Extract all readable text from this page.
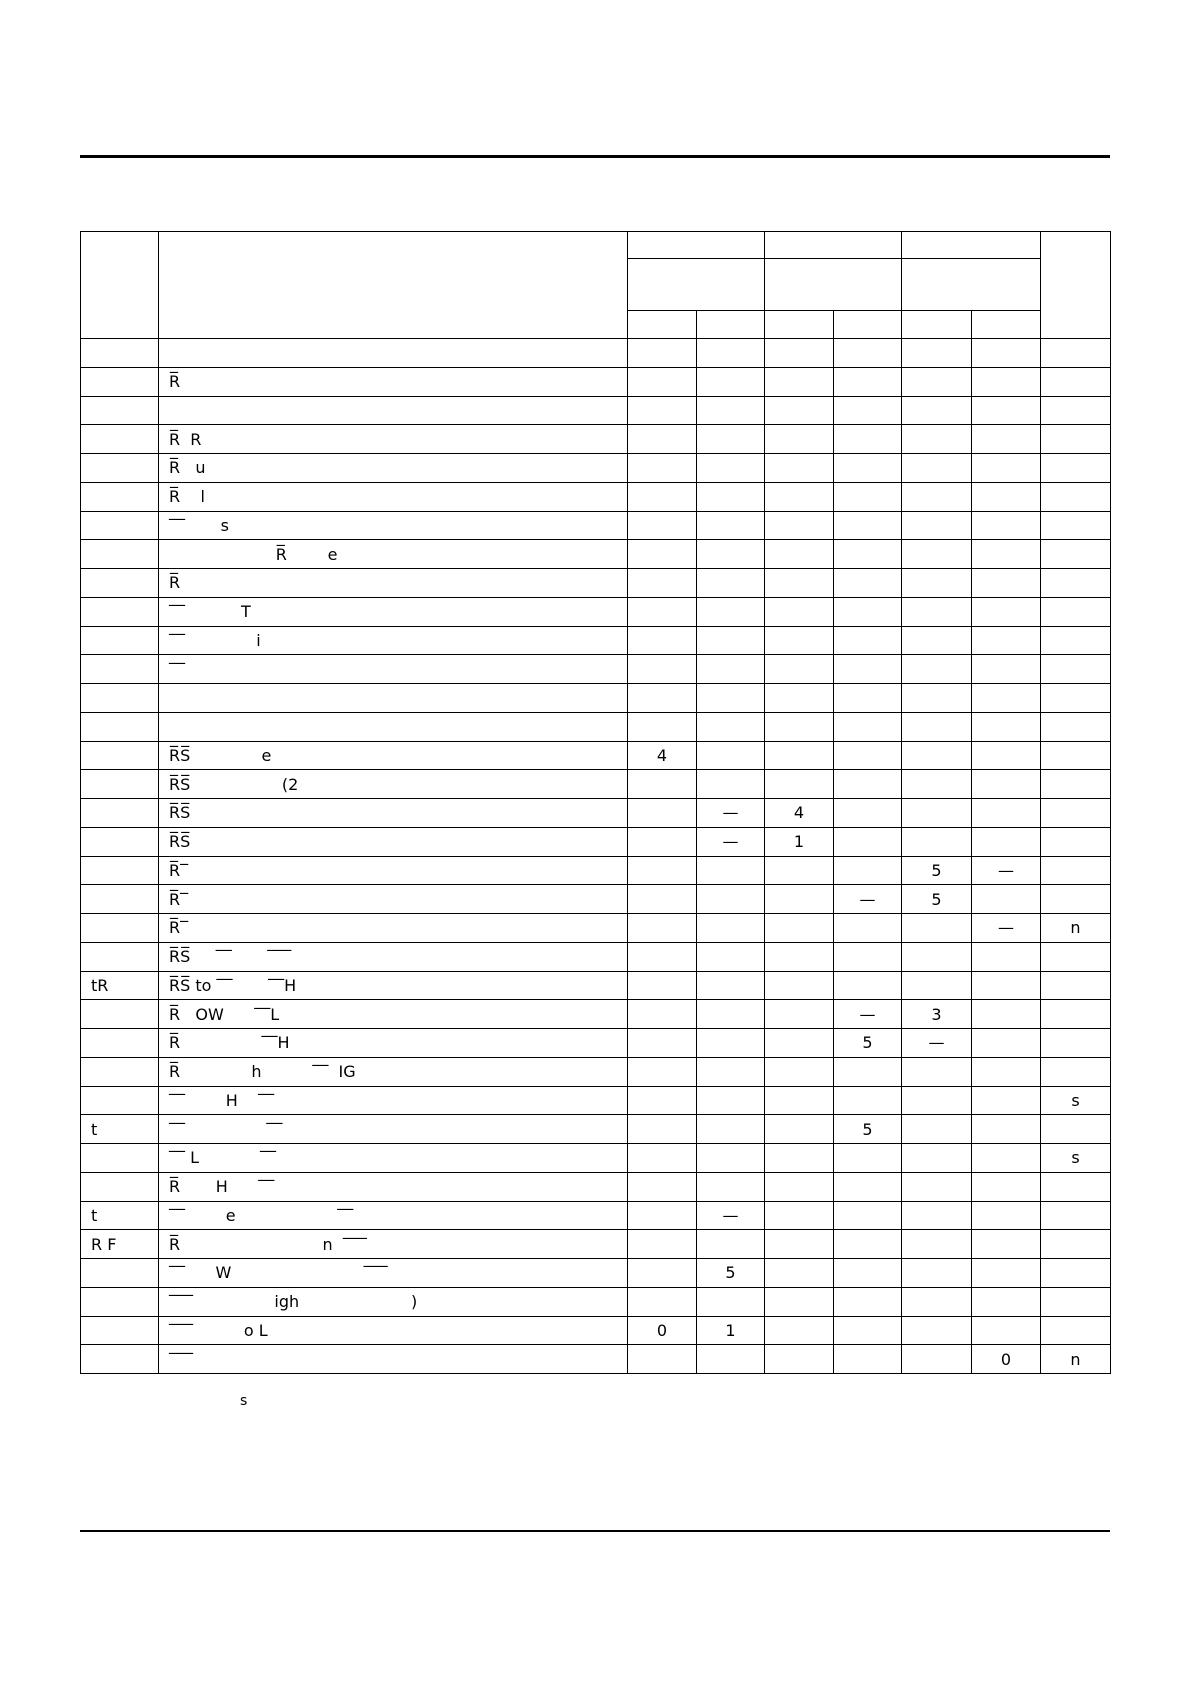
	R̅							

	R̅  R							
	R̅   u							
	R̅    l							
	‾‾       s							
	R̅        e							
	R̅							
	‾‾           T							
	‾‾              i							
	‾‾							

	R̅S̅              e	4						
	R̅S̅                  (2							
	R̅S̅		—	4				
	R̅S̅		—	1				
	R̅‾					5	—	
	R̅‾				—	5		
	R̅‾						—	n
	R̅S̅     ‾‾       ‾‾‾							
tR	R̅S̅ to ‾‾       ‾‾H							
	R̅   OW      ‾‾L				—	3		
	R̅                ‾‾H				5	—		
	R̅              h          ‾‾  IG							
	‾‾        H    ‾‾							s
t	‾‾                ‾‾				5			
	‾‾ L            ‾‾							s
	R̅       H      ‾‾							
t	‾‾        e                    ‾‾		—					
R F	R̅                            n  ‾‾‾							
	‾‾      W                          ‾‾‾		5					
	‾‾‾                igh                      )							
	‾‾‾          o L	0	1					
	‾‾‾						0	n
s
